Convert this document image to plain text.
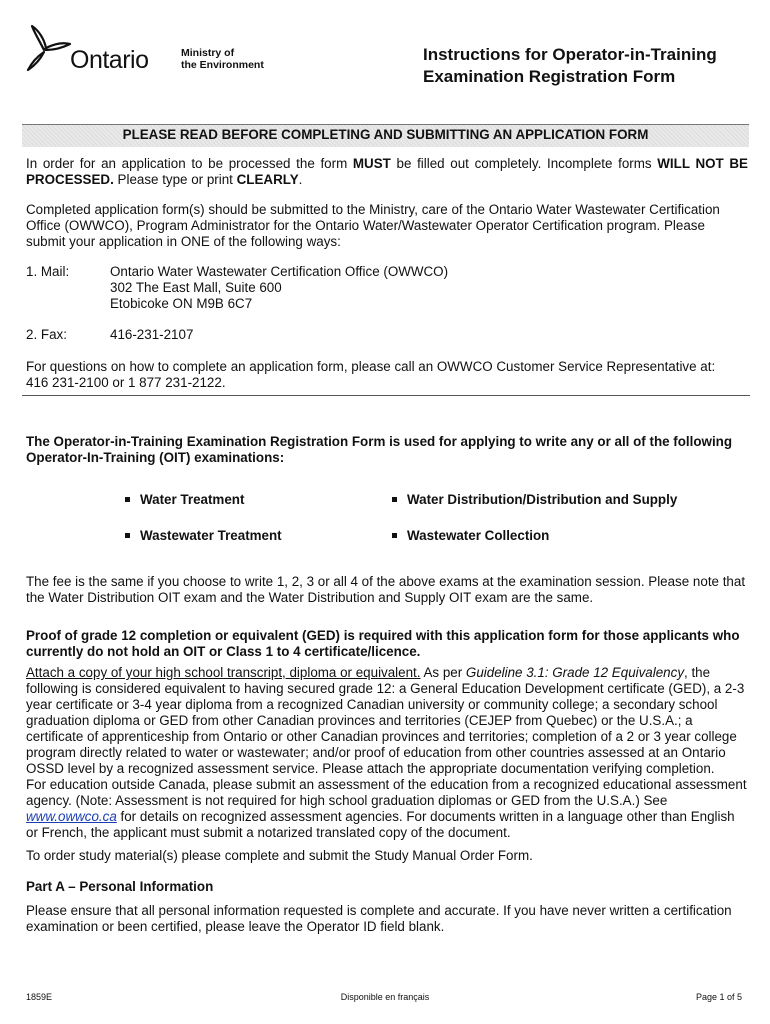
Ontario	Ministry of
the Environment
Instructions for Operator-in-Training
Examination Registration Form
PLEASE READ BEFORE COMPLETING AND SUBMITTING AN APPLICATION FORM
In order for an application to be processed the form MUST be filled out completely. Incomplete forms WILL NOT BE
PROCESSED. Please type or print CLEARLY.
Completed application form(s) should be submitted to the Ministry, care of the Ontario Water Wastewater Certification
Office (OWWCO), Program Administrator for the Ontario Water/Wastewater Operator Certification program. Please
submit your application in ONE of the following ways:
1. Mail:	Ontario Water Wastewater Certification Office (OWWCO)
302 The East Mall, Suite 600
Etobicoke ON M9B 6C7
2. Fax:	416-231-2107
For questions on how to complete an application form, please call an OWWCO Customer Service Representative at:
416 231-2100 or 1 877 231-2122.
The Operator-in-Training Examination Registration Form is used for applying to write any or all of the following
Operator-In-Training (OIT) examinations:
Water Treatment	Water Distribution/Distribution and Supply
Wastewater Treatment	Wastewater Collection
The fee is the same if you choose to write 1, 2, 3 or all 4 of the above exams at the examination session. Please note that
the Water Distribution OIT exam and the Water Distribution and Supply OIT exam are the same.
Proof of grade 12 completion or equivalent (GED) is required with this application form for those applicants who
currently do not hold an OIT or Class 1 to 4 certificate/licence.
Attach a copy of your high school transcript, diploma or equivalent. As per Guideline 3.1: Grade 12 Equivalency, the
following is considered equivalent to having secured grade 12: a General Education Development certificate (GED), a 2-3
year certificate or 3-4 year diploma from a recognized Canadian university or community college; a secondary school
graduation diploma or GED from other Canadian provinces and territories (CEJEP from Quebec) or the U.S.A.; a
certificate of apprenticeship from Ontario or other Canadian provinces and territories; completion of a 2 or 3 year college
program directly related to water or wastewater; and/or proof of education from other countries assessed at an Ontario
OSSD level by a recognized assessment service. Please attach the appropriate documentation verifying completion.
For education outside Canada, please submit an assessment of the education from a recognized educational assessment
agency. (Note: Assessment is not required for high school graduation diplomas or GED from the U.S.A.) See
www.owwco.ca for details on recognized assessment agencies. For documents written in a language other than English
or French, the applicant must submit a notarized translated copy of the document.
To order study material(s) please complete and submit the Study Manual Order Form.
Part A – Personal Information
Please ensure that all personal information requested is complete and accurate. If you have never written a certification
examination or been certified, please leave the Operator ID field blank.
1859E	Disponible en français	Page 1 of 5
